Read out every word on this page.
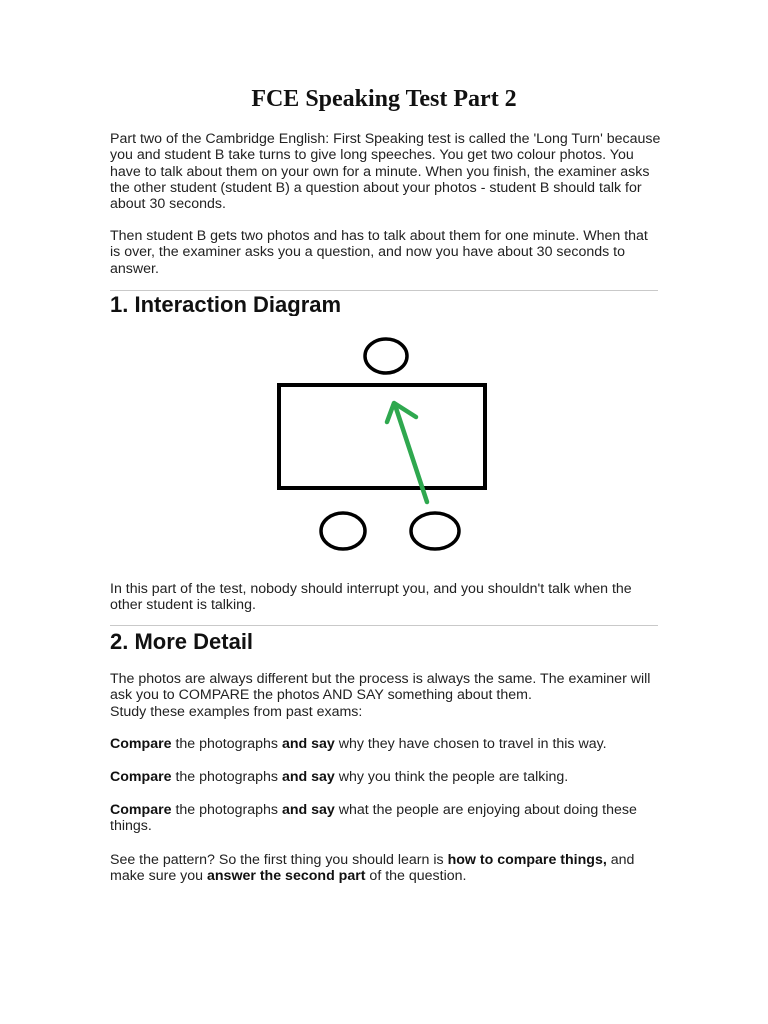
FCE Speaking Test Part 2

Part two of the Cambridge English: First Speaking test is called the 'Long Turn' because you and student B take turns to give long speeches. You get two colour photos. You have to talk about them on your own for a minute. When you finish, the examiner asks the other student (student B) a question about your photos - student B should talk for about 30 seconds.

Then student B gets two photos and has to talk about them for one minute. When that is over, the examiner asks you a question, and now you have about 30 seconds to answer.

1. Interaction Diagram

In this part of the test, nobody should interrupt you, and you shouldn't talk when the other student is talking.

2. More Detail
The photos are always different but the process is always the same. The examiner will ask you to COMPARE the photos AND SAY something about them.
Study these examples from past exams:

Compare the photographs and say why they have chosen to travel in this way.

Compare the photographs and say why you think the people are talking.

Compare the photographs and say what the people are enjoying about doing these things.

See the pattern? So the first thing you should learn is how to compare things, and make sure you answer the second part of the question.
